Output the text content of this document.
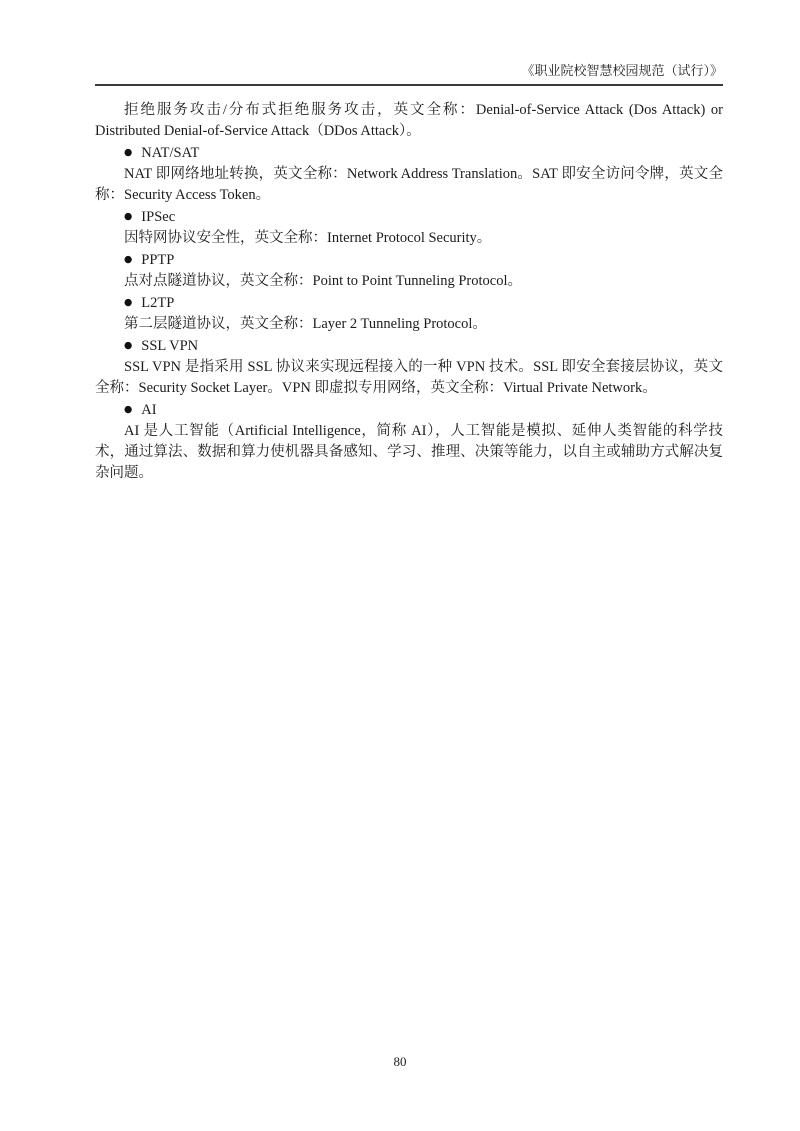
《职业院校智慧校园规范（试行）》

拒绝服务攻击/分布式拒绝服务攻击，英文全称：Denial-of-Service Attack (Dos Attack) or Distributed Denial-of-Service Attack（DDos Attack）。

● NAT/SAT

NAT 即网络地址转换，英文全称：Network Address Translation。SAT 即安全访问令牌，英文全称：Security Access Token。

● IPSec

因特网协议安全性，英文全称：Internet Protocol Security。

● PPTP

点对点隧道协议，英文全称：Point to Point Tunneling Protocol。

● L2TP

第二层隧道协议，英文全称：Layer 2 Tunneling Protocol。

● SSL VPN

SSL VPN 是指采用 SSL 协议来实现远程接入的一种 VPN 技术。SSL 即安全套接层协议，英文全称：Security Socket Layer。VPN 即虚拟专用网络，英文全称：Virtual Private Network。

● AI

AI 是人工智能（Artificial Intelligence，简称 AI），人工智能是模拟、延伸人类智能的科学技术，通过算法、数据和算力使机器具备感知、学习、推理、决策等能力，以自主或辅助方式解决复杂问题。

80
